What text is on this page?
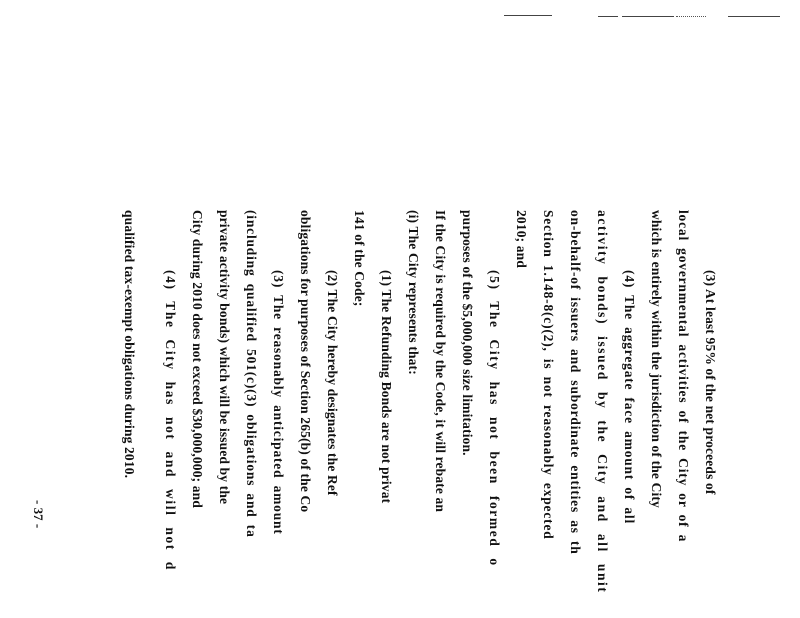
(3) At least 95% of the net proceeds of
local governmental activities of the City or of a
which is entirely within the jurisdiction of the City
(4) The aggregate face amount of all
activity bonds) issued by the City and all unit
on-behalf-of issuers and subordinate entities as th
Section 1.148-8(c)(2), is not reasonably expected
2010; and
(5) The City has not been formed o
purposes of the $5,000,000 size limitation.
If the City is required by the Code, it will rebate an
(i) The City represents that:
(1) The Refunding Bonds are not privat
141 of the Code;
(2) The City hereby designates the Ref
obligations for purposes of Section 265(b) of the Co
(3) The reasonably anticipated amount
(including qualified 501(c)(3) obligations and ta
private activity bonds) which will be issued by the
City during 2010 does not exceed $30,000,000; and
(4) The City has not and will not d
qualified tax-exempt obligations during 2010.
- 37 -
